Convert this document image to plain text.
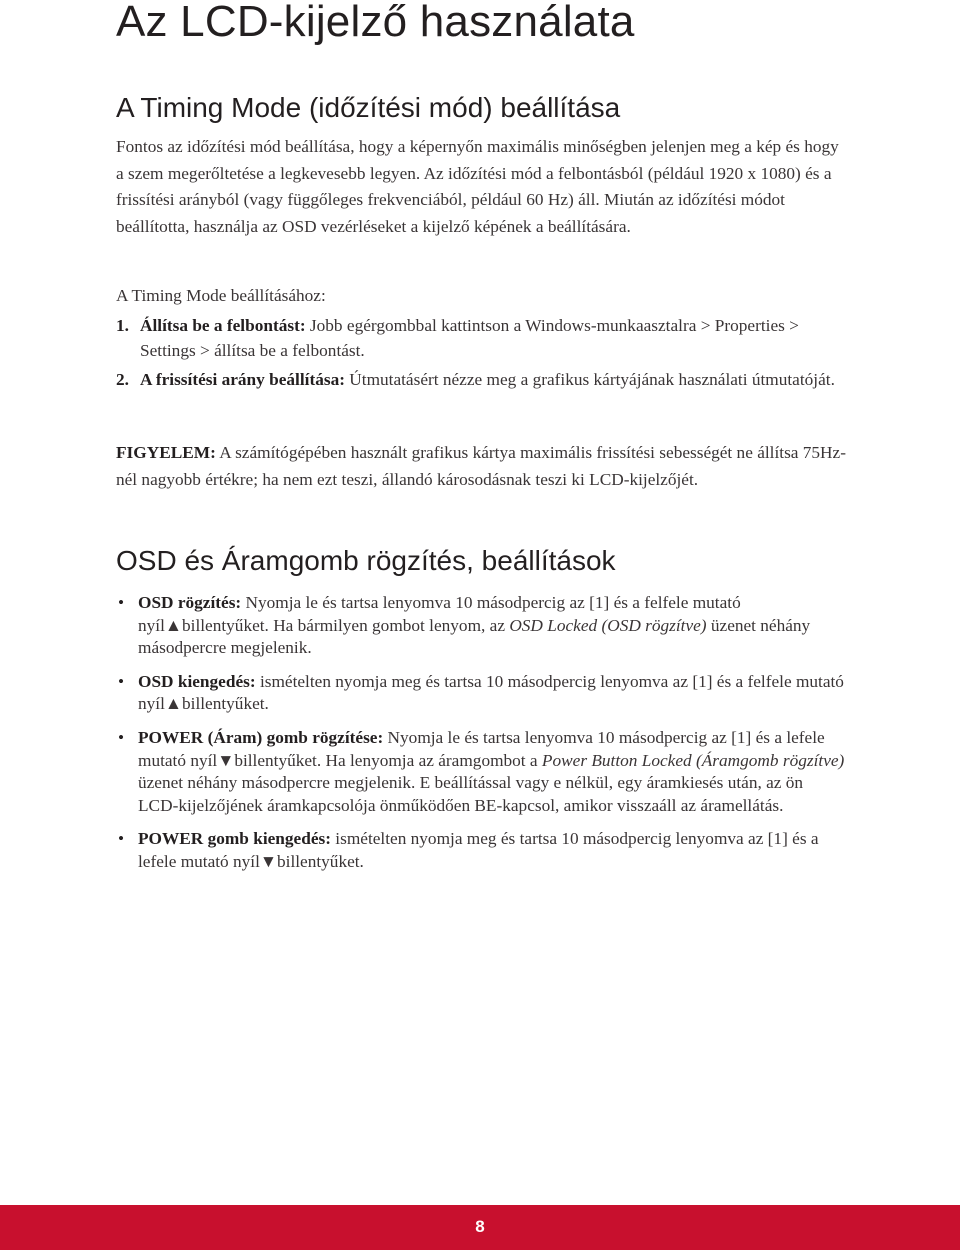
Az LCD-kijelző használata
A Timing Mode (időzítési mód) beállítása

Fontos az időzítési mód beállítása, hogy a képernyőn maximális minőségben jelenjen meg a kép és hogy a szem megerőltetése a legkevesebb legyen. Az időzítési mód a felbontásból (például 1920 x 1080) és a frissítési arányból (vagy függőleges frekvenciából, például 60 Hz) áll. Miután az időzítési módot beállította, használja az OSD vezérléseket a kijelző képének a beállítására.

A Timing Mode beállításához:

1. Állítsa be a felbontást: Jobb egérgombbal kattintson a Windows-munkaasztalra > Properties > Settings > állítsa be a felbontást.

2. A frissítési arány beállítása: Útmutatásért nézze meg a grafikus kártyájának használati útmutatóját.

FIGYELEM: A számítógépében használt grafikus kártya maximális frissítési sebességét ne állítsa 75Hz-nél nagyobb értékre; ha nem ezt teszi, állandó károsodásnak teszi ki LCD-kijelzőjét.

OSD és Áramgomb rögzítés, beállítások
• OSD rögzítés: Nyomja le és tartsa lenyomva 10 másodpercig az [1] és a felfele mutató nyíl▲billentyűket. Ha bármilyen gombot lenyom, az OSD Locked (OSD rögzítve) üzenet néhány másodpercre megjelenik.
• OSD kiengedés: ismételten nyomja meg és tartsa 10 másodpercig lenyomva az [1] és a felfele mutató nyíl▲billentyűket.
• POWER (Áram) gomb rögzítése: Nyomja le és tartsa lenyomva 10 másodpercig az [1] és a lefele mutató nyíl▼billentyűket. Ha lenyomja az áramgombot a Power Button Locked (Áramgomb rögzítve) üzenet néhány másodpercre megjelenik. E beállítással vagy e nélkül, egy áramkiesés után, az ön LCD-kijelzőjének áramkapcsolója önműködően BE-kapcsol, amikor visszaáll az áramellátás.
• POWER gomb kiengedés: ismételten nyomja meg és tartsa 10 másodpercig lenyomva az [1] és a lefele mutató nyíl▼billentyűket.
8
